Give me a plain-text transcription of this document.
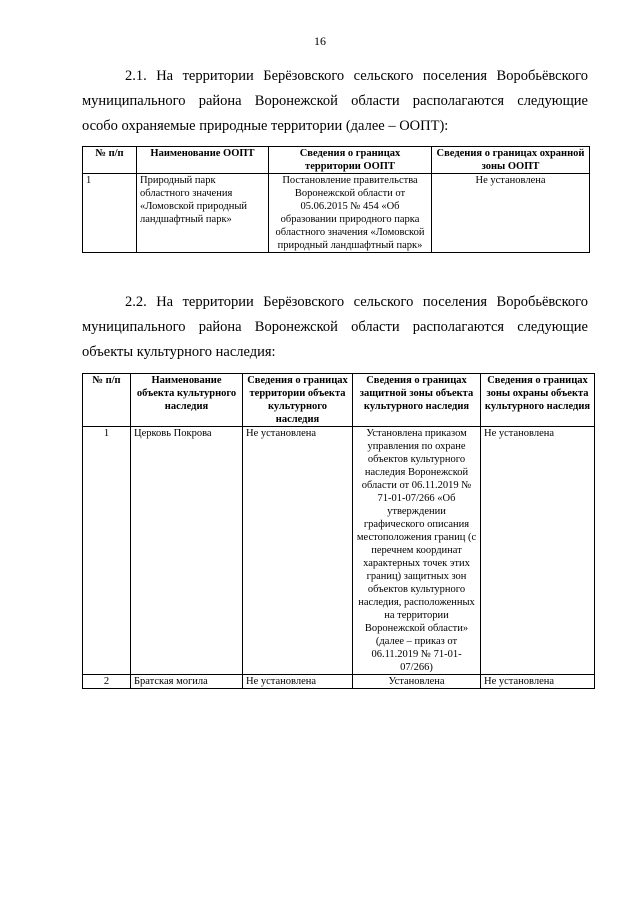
16
2.1. На территории Берёзовского сельского поселения Воробьёвского
муниципального района Воронежской области располагаются следующие
особо охраняемые природные территории (далее – ООПТ):
№ п/п	Наименование ООПТ	Сведения о границах территории ООПТ	Сведения о границах охранной зоны ООПТ
1	Природный парк областного значения «Ломовской природный ландшафтный парк»	Постановление правительства Воронежской области от 05.06.2015 № 454 «Об образовании природного парка областного значения «Ломовской природный ландшафтный парк»	Не установлена
2.2. На территории Берёзовского сельского поселения Воробьёвского
муниципального района Воронежской области располагаются следующие
объекты культурного наследия:
№ п/п	Наименование объекта культурного наследия	Сведения о границах территории объекта культурного наследия	Сведения о границах защитной зоны объекта культурного наследия	Сведения о границах зоны охраны объекта культурного наследия
1	Церковь Покрова	Не установлена	Установлена приказом управления по охране объектов культурного наследия Воронежской области от 06.11.2019 № 71-01-07/266 «Об утверждении графического описания местоположения границ (с перечнем координат характерных точек этих границ) защитных зон объектов культурного наследия, расположенных на территории Воронежской области» (далее – приказ от 06.11.2019 № 71-01-07/266)	Не установлена
2	Братская могила	Не установлена	Установлена	Не установлена
